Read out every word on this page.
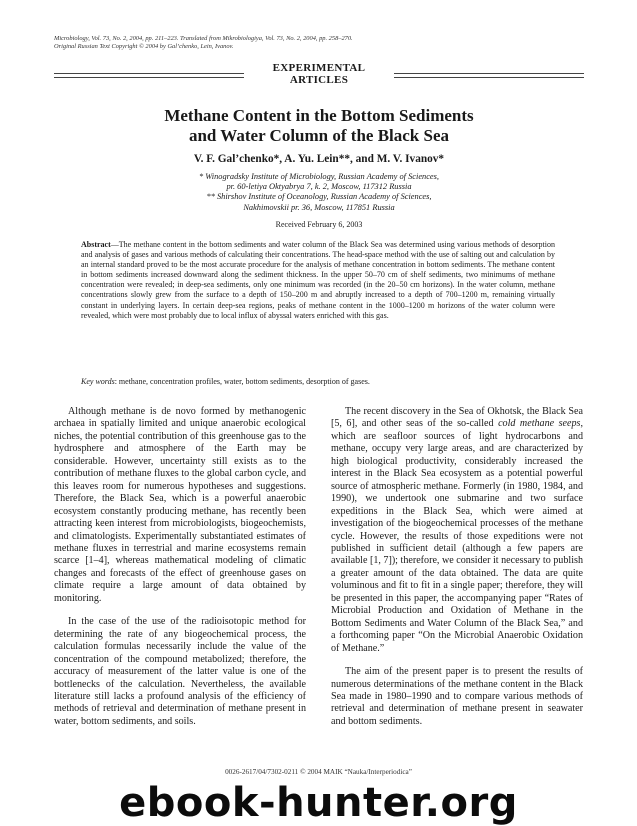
Microbiology, Vol. 73, No. 2, 2004, pp. 211–223. Translated from Mikrobiologiya, Vol. 73, No. 2, 2004, pp. 258–270.
Original Russian Text Copyright © 2004 by Gal’chenko, Lein, Ivanov.
EXPERIMENTAL
ARTICLES
Methane Content in the Bottom Sediments
and Water Column of the Black Sea
V. F. Gal’chenko*, A. Yu. Lein**, and M. V. Ivanov*
* Winogradsky Institute of Microbiology, Russian Academy of Sciences,
pr. 60-letiya Oktyabrya 7, k. 2, Moscow, 117312 Russia
** Shirshov Institute of Oceanology, Russian Academy of Sciences,
Nakhimovskii pr. 36, Moscow, 117851 Russia
Received February 6, 2003
Abstract—The methane content in the bottom sediments and water column of the Black Sea was determined using various methods of desorption and analysis of gases and various methods of calculating their concentrations. The head-space method with the use of salting out and calculation by an internal standard proved to be the most accurate procedure for the analysis of methane concentration in bottom sediments. The methane content in bottom sediments increased downward along the sediment thickness. In the upper 50–70 cm of shelf sediments, two minimums of methane concentration were revealed; in deep-sea sediments, only one minimum was recorded (in the 20–50 cm horizons). In the water column, methane concentrations slowly grew from the surface to a depth of 150–200 m and abruptly increased to a depth of 700–1200 m, remaining virtually constant in underlying layers. In certain deep-sea regions, peaks of methane content in the 1000–1200 m horizons of the water column were revealed, which were most probably due to local influx of abyssal waters enriched with this gas.
Key words: methane, concentration profiles, water, bottom sediments, desorption of gases.

Although methane is de novo formed by methanogenic archaea in spatially limited and unique anaerobic ecological niches, the potential contribution of this greenhouse gas to the hydrosphere and atmosphere of the Earth may be considerable. However, uncertainty still exists as to the contribution of methane fluxes to the global carbon cycle, and this leaves room for numerous hypotheses and suggestions. Therefore, the Black Sea, which is a powerful anaerobic ecosystem constantly producing methane, has recently been attracting keen interest from microbiologists, biogeochemists, and climatologists. Experimentally substantiated estimates of methane fluxes in terrestrial and marine ecosystems remain scarce [1–4], whereas mathematical modeling of climatic changes and forecasts of the effect of greenhouse gases on climate require a large amount of data obtained by monitoring.

In the case of the use of the radioisotopic method for determining the rate of any biogeochemical process, the calculation formulas necessarily include the value of the concentration of the compound metabolized; therefore, the accuracy of measurement of the latter value is one of the bottlenecks of the calculation. Nevertheless, the available literature still lacks a profound analysis of the efficiency of methods of retrieval and determination of methane present in water, bottom sediments, and soils.

The recent discovery in the Sea of Okhotsk, the Black Sea [5, 6], and other seas of the so-called cold methane seeps, which are seafloor sources of light hydrocarbons and methane, occupy very large areas, and are characterized by high biological productivity, considerably increased the interest in the Black Sea ecosystem as a potential powerful source of atmospheric methane. Formerly (in 1980, 1984, and 1990), we undertook one submarine and two surface expeditions in the Black Sea, which were aimed at investigation of the biogeochemical processes of the methane cycle. However, the results of those expeditions were not published in sufficient detail (although a few papers are available [1, 7]); therefore, we consider it necessary to publish a greater amount of the data obtained. The data are quite voluminous and fit to fit in a single paper; therefore, they will be presented in this paper, the accompanying paper “Rates of Microbial Production and Oxidation of Methane in the Bottom Sediments and Water Column of the Black Sea,” and a forthcoming paper “On the Microbial Anaerobic Oxidation of Methane.”

The aim of the present paper is to present the results of numerous determinations of the methane content in the Black Sea made in 1980–1990 and to compare various methods of retrieval and determination of methane present in seawater and bottom sediments.

0026-2617/04/7302-0211 © 2004 MAIK “Nauka/Interperiodica”
ebook-hunter.org
